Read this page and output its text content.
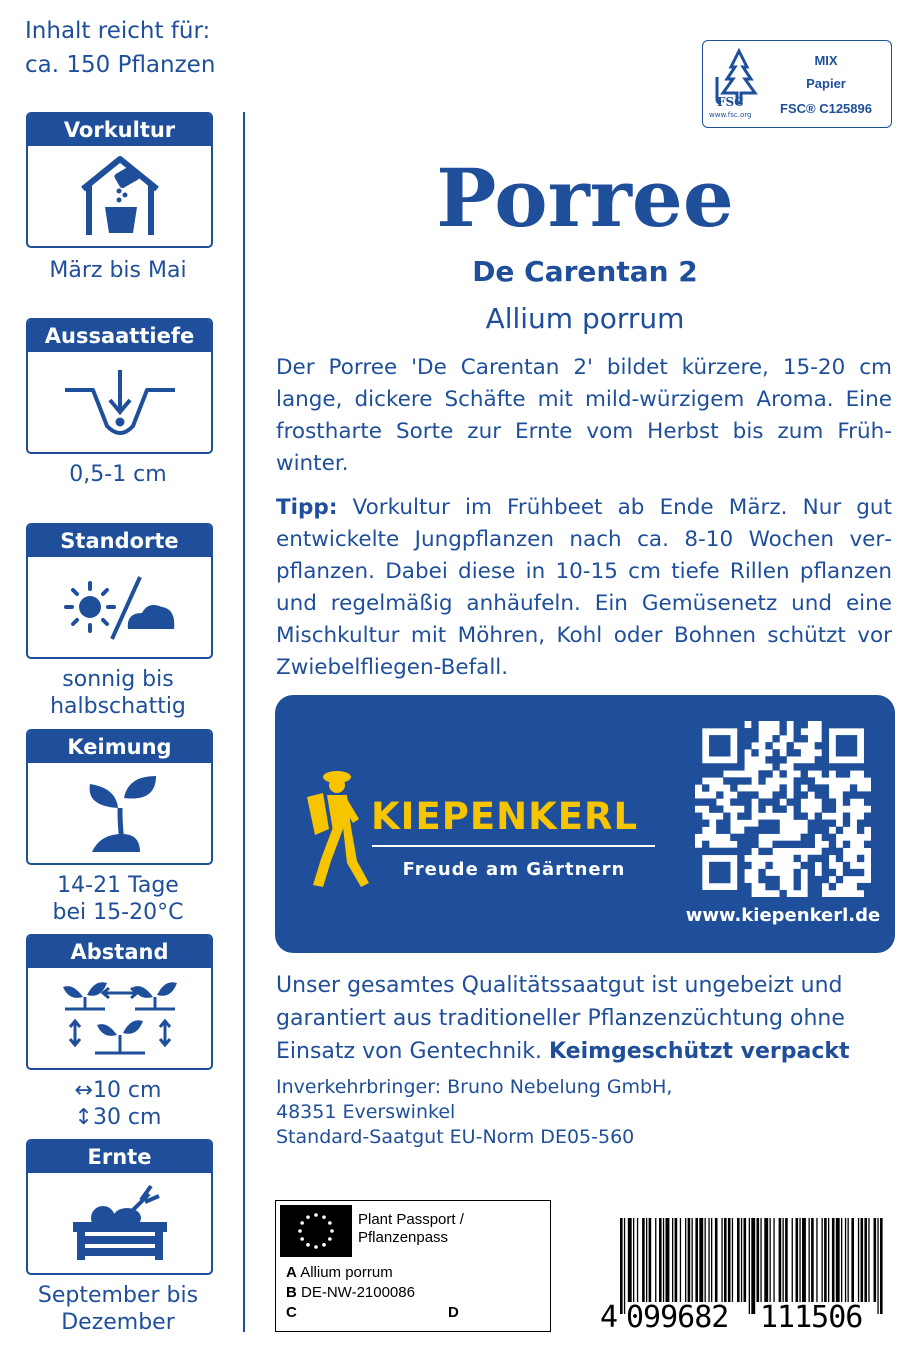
Inhalt reicht für:
ca. 150 Pflanzen
Vorkultur
März bis Mai
Aussaattiefe
0,5-1 cm
Standorte
sonnig bis
halbschattig
Keimung
14-21 Tage
bei 15-20°C
Abstand
↔10 cm
↕30 cm
Ernte
September bis
Dezember
FSC
www.fsc.org
MIX
Papier
FSC® C125896
Porree
De Carentan 2
Allium porrum
Der Porree 'De Carentan 2' bildet kürzere, 15-20 cm lange, dickere Schäfte mit mild-würzigem Aroma. Eine frostharte Sorte zur Ernte vom Herbst bis zum Frühwinter.
Tipp: Vorkultur im Frühbeet ab Ende März. Nur gut entwickelte Jungpflanzen nach ca. 8-10 Wochen verpflanzen. Dabei diese in 10-15 cm tiefe Rillen pflanzen und regelmäßig anhäufeln. Ein Gemüsenetz und eine Mischkultur mit Möhren, Kohl oder Bohnen schützt vor Zwiebelfliegen-Befall.
KIEPENKERL
Freude am Gärtnern
www.kiepenkerl.de
Unser gesamtes Qualitätssaatgut ist ungebeizt und garantiert aus traditioneller Pflanzenzüchtung ohne Einsatz von Gentechnik. Keimgeschützt verpackt
Inverkehrbringer: Bruno Nebelung GmbH,
48351 Everswinkel
Standard-Saatgut EU-Norm DE05-560
Plant Passport /
Pflanzenpass
A Allium porrum
B DE-NW-2100086
C	D	4 099682 111506
